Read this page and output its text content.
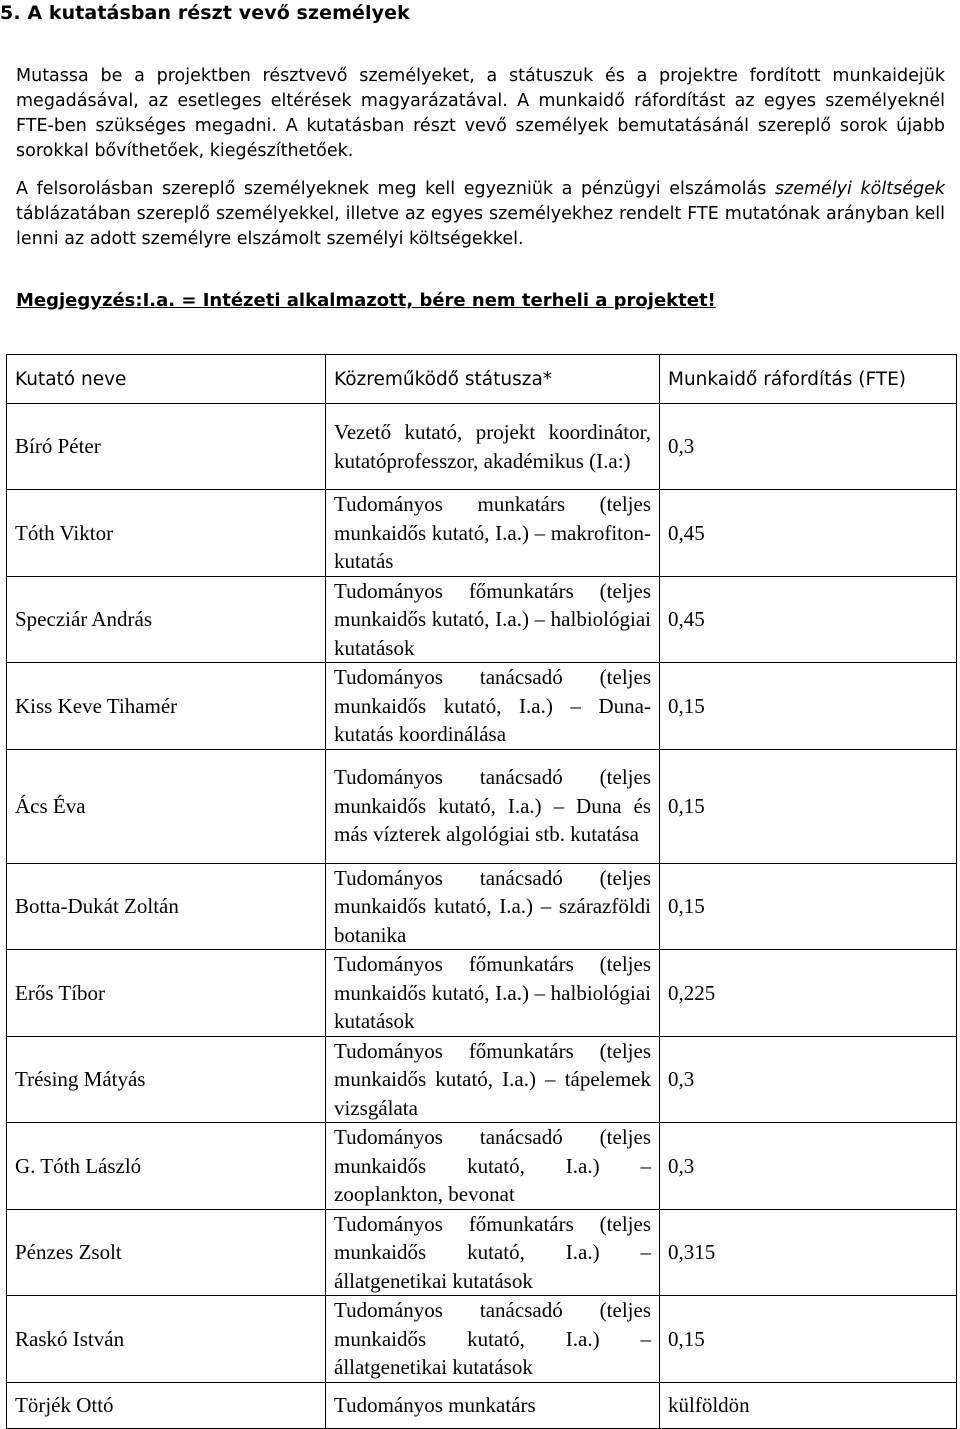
5. A kutatásban részt vevő személyek

Mutassa be a projektben résztvevő személyeket, a státuszuk és a projektre fordított munkaidejük megadásával, az esetleges eltérések magyarázatával. A munkaidő ráfordítást az egyes személyeknél FTE-ben szükséges megadni. A kutatásban részt vevő személyek bemutatásánál szereplő sorok újabb sorokkal bővíthetőek, kiegészíthetőek.

A felsorolásban szereplő személyeknek meg kell egyezniük a pénzügyi elszámolás személyi költségek táblázatában szereplő személyekkel, illetve az egyes személyekhez rendelt FTE mutatónak arányban kell lenni az adott személyre elszámolt személyi költségekkel.

Megjegyzés:I.a. = Intézeti alkalmazott, bére nem terheli a projektet!

Kutató neve	Közreműködő státusza*	Munkaidő ráfordítás (FTE)
Bíró Péter	Vezető kutató, projekt koordinátor, kutatóprofesszor, akadémikus (I.a:)	0,3
Tóth Viktor	Tudományos munkatárs (teljes munkaidős kutató, I.a.) – makrofiton-kutatás	0,45
Specziár András	Tudományos főmunkatárs (teljes munkaidős kutató, I.a.) – halbiológiai kutatások	0,45
Kiss Keve Tihamér	Tudományos tanácsadó (teljes munkaidős kutató, I.a.) – Duna-kutatás koordinálása	0,15
Ács Éva	Tudományos tanácsadó (teljes munkaidős kutató, I.a.) – Duna és más vízterek algológiai stb. kutatása	0,15
Botta-Dukát Zoltán	Tudományos tanácsadó (teljes munkaidős kutató, I.a.) – szárazföldi botanika	0,15
Erős Tíbor	Tudományos főmunkatárs (teljes munkaidős kutató, I.a.) – halbiológiai kutatások	0,225
Trésing Mátyás	Tudományos főmunkatárs (teljes munkaidős kutató, I.a.) – tápelemek vizsgálata	0,3
G. Tóth László	Tudományos tanácsadó (teljes munkaidős kutató, I.a.) – zooplankton, bevonat	0,3
Pénzes Zsolt	Tudományos főmunkatárs (teljes munkaidős kutató, I.a.) – állatgenetikai kutatások	0,315
Raskó István	Tudományos tanácsadó (teljes munkaidős kutató, I.a.) – állatgenetikai kutatások	0,15
Törjék Ottó	Tudományos munkatárs	külföldön
